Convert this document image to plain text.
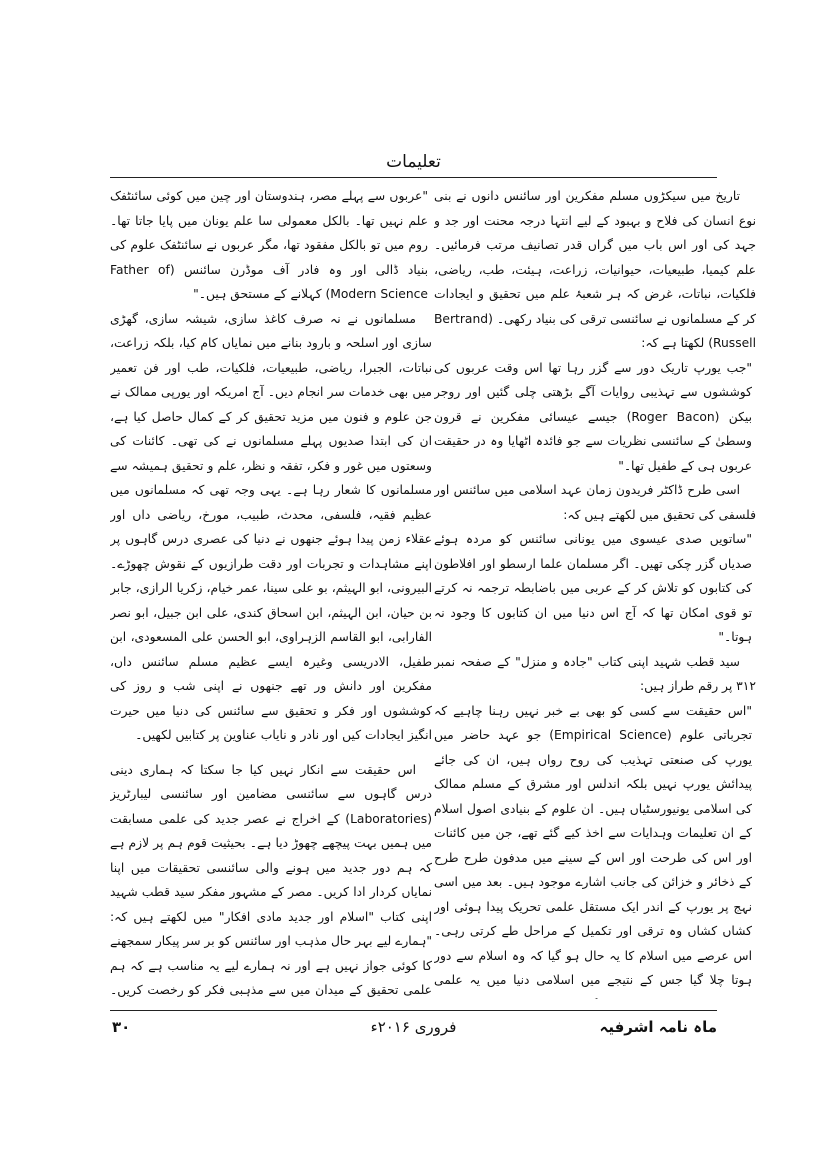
تعلیمات

تاریخ میں سیکڑوں مسلم مفکرین اور سائنس دانوں نے بنی نوع انسان کی فلاح و بہبود کے لیے انتہا درجہ محنت اور جد و جہد کی اور اس باب میں گراں قدر تصانیف مرتب فرمائیں۔ علم کیمیا، طبیعیات، حیوانیات، زراعت، ہیئت، طب، ریاضی، فلکیات، نباتات، غرض کہ ہر شعبۂ علم میں تحقیق و ایجادات کر کے مسلمانوں نے سائنسی ترقی کی بنیاد رکھی۔ (Bertrand Russell) لکھتا ہے کہ:

"جب یورپ تاریک دور سے گزر رہا تھا اس وقت عربوں کی کوششوں سے تہذیبی روایات آگے بڑھتی چلی گئیں اور روجر بیکن (Roger Bacon) جیسے عیسائی مفکرین نے قرون وسطیٰ کے سائنسی نظریات سے جو فائدہ اٹھایا وہ در حقیقت عربوں ہی کے طفیل تھا۔"

اسی طرح ڈاکٹر فریدون زمان عہد اسلامی میں سائنس اور فلسفی کی تحقیق میں لکھتے ہیں کہ:

"ساتویں صدی عیسوی میں یونانی سائنس کو مردہ ہوئے صدیاں گزر چکی تھیں۔ اگر مسلمان علما ارسطو اور افلاطون کی کتابوں کو تلاش کر کے عربی میں باضابطہ ترجمہ نہ کرتے تو قوی امکان تھا کہ آج اس دنیا میں ان کتابوں کا وجود نہ ہوتا۔"

سید قطب شہید اپنی کتاب "جادہ و منزل" کے صفحہ نمبر ۳۱۲ پر رقم طراز ہیں:

"اس حقیقت سے کسی کو بھی بے خبر نہیں رہنا چاہیے کہ تجرباتی علوم (Empirical Science) جو عہد حاضر میں یورپ کی صنعتی تہذیب کی روح رواں ہیں، ان کی جائے پیدائش یورپ نہیں بلکہ اندلس اور مشرق کے مسلم ممالک کی اسلامی یونیورسٹیاں ہیں۔ ان علوم کے بنیادی اصول اسلام کے ان تعلیمات وہدایات سے اخذ کیے گئے تھے، جن میں کائنات اور اس کی طرحت اور اس کے سینے میں مدفون طرح طرح کے ذخائر و خزائن کی جانب اشارے موجود ہیں۔ بعد میں اسی نہج پر یورپ کے اندر ایک مستقل علمی تحریک پیدا ہوئی اور کشاں کشاں وہ ترقی اور تکمیل کے مراحل طے کرتی رہی۔ اس عرصے میں اسلام کا یہ حال ہو گیا کہ وہ اسلام سے دور ہوتا چلا گیا جس کے نتیجے میں اسلامی دنیا میں یہ علمی

"عربوں سے پہلے مصر، ہندوستان اور چین میں کوئی سائنٹفک علم نہیں تھا۔ بالکل معمولی سا علم یونان میں پایا جاتا تھا۔ روم میں تو بالکل مفقود تھا، مگر عربوں نے سائنٹفک علوم کی بنیاد ڈالی اور وہ فادر آف موڈرن سائنس (Father of Modern Science) کہلانے کے مستحق ہیں۔"

مسلمانوں نے نہ صرف کاغذ سازی، شیشہ سازی، گھڑی سازی اور اسلحہ و بارود بنانے میں نمایاں کام کیا، بلکہ زراعت، نباتات، الجبرا، ریاضی، طبیعیات، فلکیات، طب اور فن تعمیر میں بھی خدمات سر انجام دیں۔ آج امریکہ اور یورپی ممالک نے جن علوم و فنون میں مزید تحقیق کر کے کمال حاصل کیا ہے، ان کی ابتدا صدیوں پہلے مسلمانوں نے کی تھی۔ کائنات کی وسعتوں میں غور و فکر، تفقہ و نظر، علم و تحقیق ہمیشہ سے مسلمانوں کا شعار رہا ہے۔ یہی وجہ تھی کہ مسلمانوں میں عظیم فقیہ، فلسفی، محدث، طبیب، مورخ، ریاضی داں اور عقلاء زمن پیدا ہوئے جنھوں نے دنیا کی عصری درس گاہوں پر اپنے مشاہدات و تجربات اور دقت طرازیوں کے نقوش چھوڑے۔ البیرونی، ابو الہیثم، بو علی سینا، عمر خیام، زکریا الرازی، جابر بن حیان، ابن الہیثم، ابن اسحاق کندی، علی ابن جبیل، ابو نصر الفارابی، ابو القاسم الزہراوی، ابو الحسن علی المسعودی، ابن طفیل، الادریسی وغیرہ ایسے عظیم مسلم سائنس داں، مفکرین اور دانش ور تھے جنھوں نے اپنی شب و روز کی کوششوں اور فکر و تحقیق سے سائنس کی دنیا میں حیرت انگیز ایجادات کیں اور نادر و نایاب عناوین پر کتابیں لکھیں۔

اس حقیقت سے انکار نہیں کیا جا سکتا کہ ہماری دینی درس گاہوں سے سائنسی مضامین اور سائنسی لیبارٹریز (Laboratories) کے اخراج نے عصر جدید کی علمی مسابقت میں ہمیں بہت پیچھے چھوڑ دیا ہے۔ بحیثیت قوم ہم پر لازم ہے کہ ہم دور جدید میں ہونے والی سائنسی تحقیقات میں اپنا نمایاں کردار ادا کریں۔ مصر کے مشہور مفکر سید قطب شہید اپنی کتاب "اسلام اور جدید مادی افکار" میں لکھتے ہیں کہ: "ہمارے لیے بہر حال مذہب اور سائنس کو بر سر پیکار سمجھنے کا کوئی جواز نہیں ہے اور نہ ہمارے لیے یہ مناسب ہے کہ ہم علمی تحقیق کے میدان میں سے مذہبی فکر کو رخصت کریں۔

ماہ نامہ اشرفیہ
فروری ۲۰۱۶ء
۳۰
